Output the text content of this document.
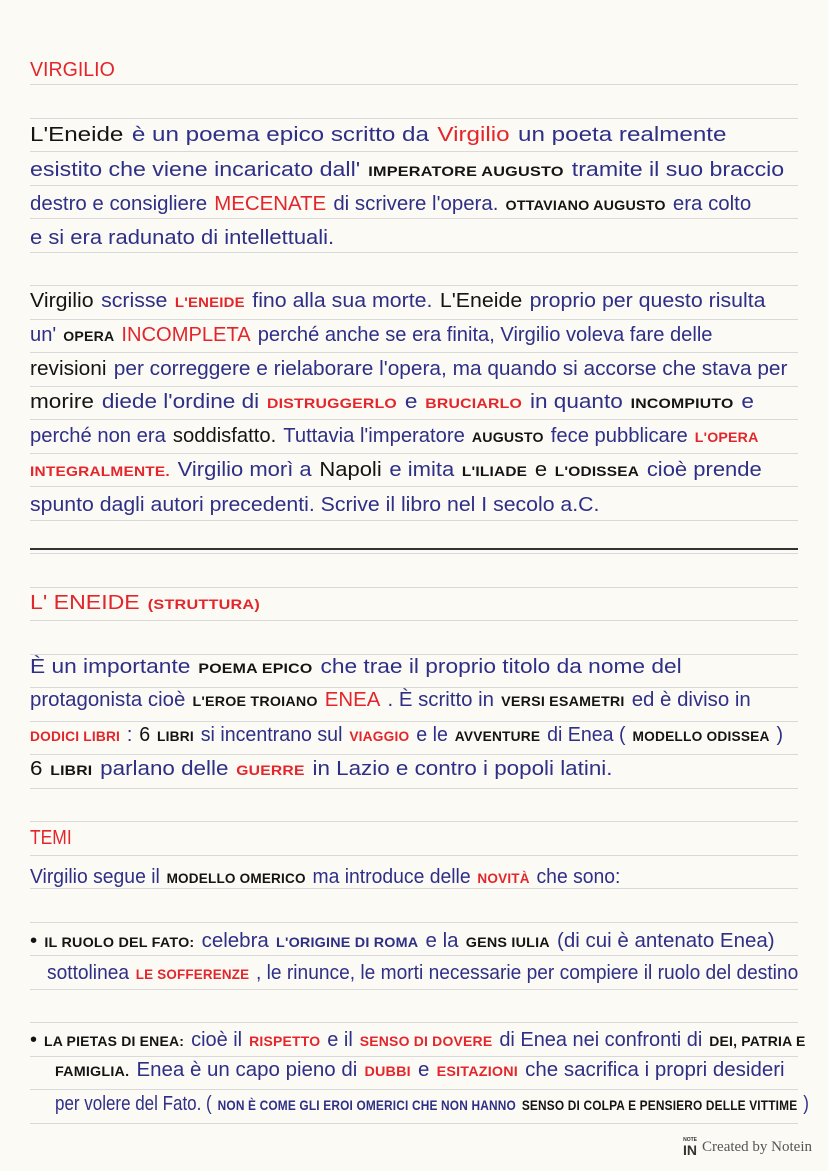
VIRGILIO
L'Eneide è un poema epico scritto da Virgilio un poeta realmente
esistito che viene incaricato dall' IMPERATORE AUGUSTO tramite il suo braccio
destro e consigliere MECENATE di scrivere l'opera. OTTAVIANO AUGUSTO era colto
e si era radunato di intellettuali.
Virgilio scrisse L'ENEIDE fino alla sua morte. L'Eneide proprio per questo risulta
un' OPERA INCOMPLETA perché anche se era finita, Virgilio voleva fare delle
revisioni per correggere e rielaborare l'opera, ma quando si accorse che stava per
morire diede l'ordine di DISTRUGGERLO e BRUCIARLO in quanto INCOMPIUTO e
perché non era soddisfatto. Tuttavia l'imperatore AUGUSTO fece pubblicare L'OPERA
INTEGRALMENTE. Virgilio morì a Napoli e imita L'ILIADE e L'ODISSEA cioè prende
spunto dagli autori precedenti. Scrive il libro nel I secolo a.C.
L' ENEIDE (STRUTTURA)
È un importante POEMA EPICO che trae il proprio titolo da nome del
protagonista cioè L'EROE TROIANO ENEA . È scritto in VERSI ESAMETRI ed è diviso in
DODICI LIBRI : 6 LIBRI si incentrano sul VIAGGIO e le AVVENTURE di Enea ( MODELLO ODISSEA )
6 LIBRI parlano delle GUERRE in Lazio e contro i popoli latini.
TEMI
Virgilio segue il MODELLO OMERICO ma introduce delle NOVITÀ che sono:
• IL RUOLO DEL FATO: celebra L'ORIGINE DI ROMA e la GENS IULIA (di cui è antenato Enea)
sottolinea LE SOFFERENZE , le rinunce, le morti necessarie per compiere il ruolo del destino
• LA PIETAS DI ENEA: cioè il RISPETTO e il SENSO DI DOVERE di Enea nei confronti di DEI, PATRIA E
FAMIGLIA. Enea è un capo pieno di DUBBI e ESITAZIONI che sacrifica i propri desideri
per volere del Fato. ( NON È COME GLI EROI OMERICI CHE NON HANNO SENSO DI COLPA E PENSIERO DELLE VITTIME )
NOTE
IN Created by Notein
